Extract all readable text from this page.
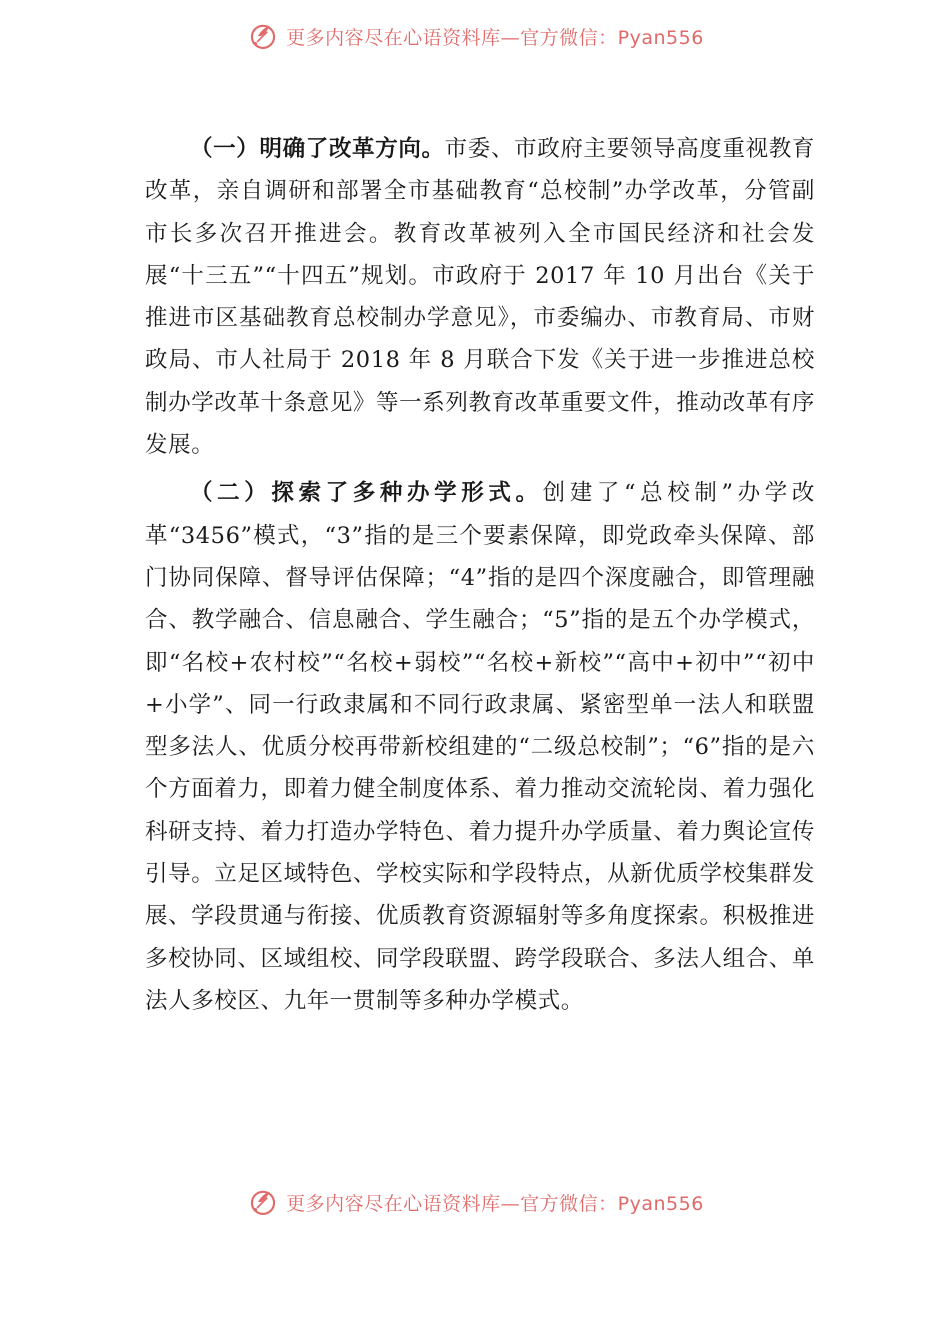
更多内容尽在心语资料库—官方微信：Pyan556

（一）明确了改革方向。市委、市政府主要领导高度重视教育改革，亲自调研和部署全市基础教育“总校制”办学改革，分管副市长多次召开推进会。教育改革被列入全市国民经济和社会发展“十三五”“十四五”规划。市政府于 2017 年 10 月出台《关于推进市区基础教育总校制办学意见》，市委编办、市教育局、市财政局、市人社局于 2018 年 8 月联合下发《关于进一步推进总校制办学改革十条意见》等一系列教育改革重要文件，推动改革有序发展。

（二）探索了多种办学形式。创建了“总校制”办学改革“3456”模式，“3”指的是三个要素保障，即党政牵头保障、部门协同保障、督导评估保障；“4”指的是四个深度融合，即管理融合、教学融合、信息融合、学生融合；“5”指的是五个办学模式，即“名校+农村校”“名校+弱校”“名校+新校”“高中+初中”“初中+小学”、同一行政隶属和不同行政隶属、紧密型单一法人和联盟型多法人、优质分校再带新校组建的“二级总校制”；“6”指的是六个方面着力，即着力健全制度体系、着力推动交流轮岗、着力强化科研支持、着力打造办学特色、着力提升办学质量、着力舆论宣传引导。立足区域特色、学校实际和学段特点，从新优质学校集群发展、学段贯通与衔接、优质教育资源辐射等多角度探索。积极推进多校协同、区域组校、同学段联盟、跨学段联合、多法人组合、单法人多校区、九年一贯制等多种办学模式。

更多内容尽在心语资料库—官方微信：Pyan556
